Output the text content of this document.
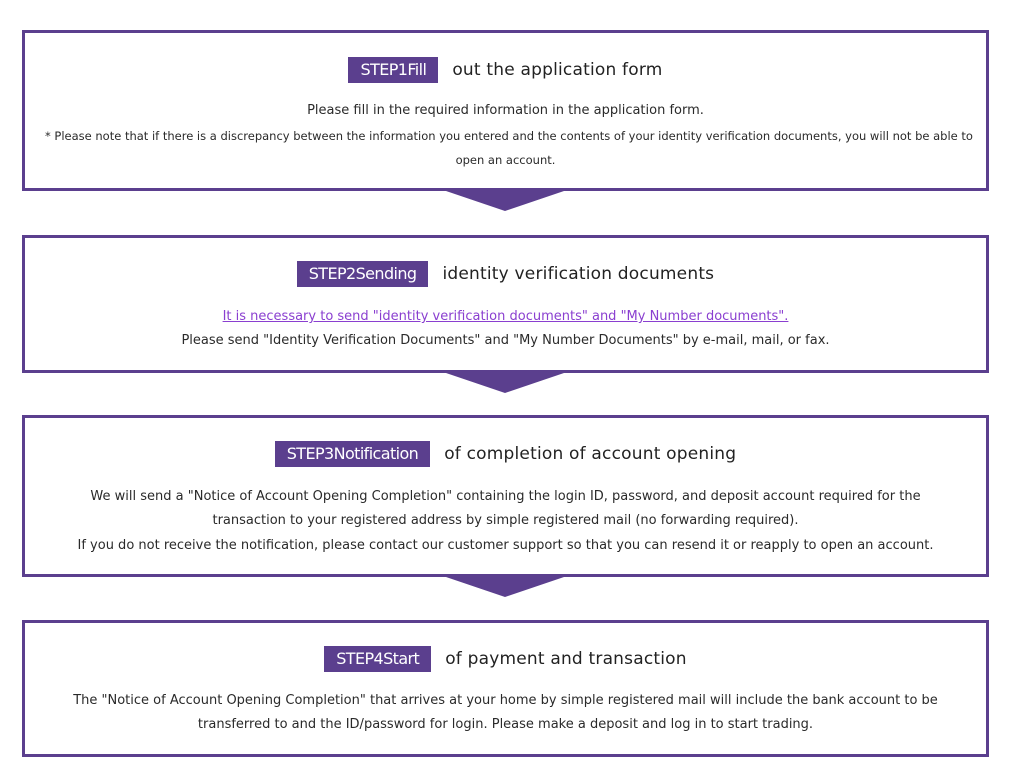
STEP1Fill	out the application form
Please fill in the required information in the application form.
* Please note that if there is a discrepancy between the information you entered and the contents of your identity verification documents, you will not be able to
open an account.
STEP2Sending	identity verification documents
It is necessary to send "identity verification documents" and "My Number documents".
Please send "Identity Verification Documents" and "My Number Documents" by e-mail, mail, or fax.
STEP3Notification	of completion of account opening
We will send a "Notice of Account Opening Completion" containing the login ID, password, and deposit account required for the
transaction to your registered address by simple registered mail (no forwarding required).
If you do not receive the notification, please contact our customer support so that you can resend it or reapply to open an account.
STEP4Start	of payment and transaction
The "Notice of Account Opening Completion" that arrives at your home by simple registered mail will include the bank account to be
transferred to and the ID/password for login. Please make a deposit and log in to start trading.
